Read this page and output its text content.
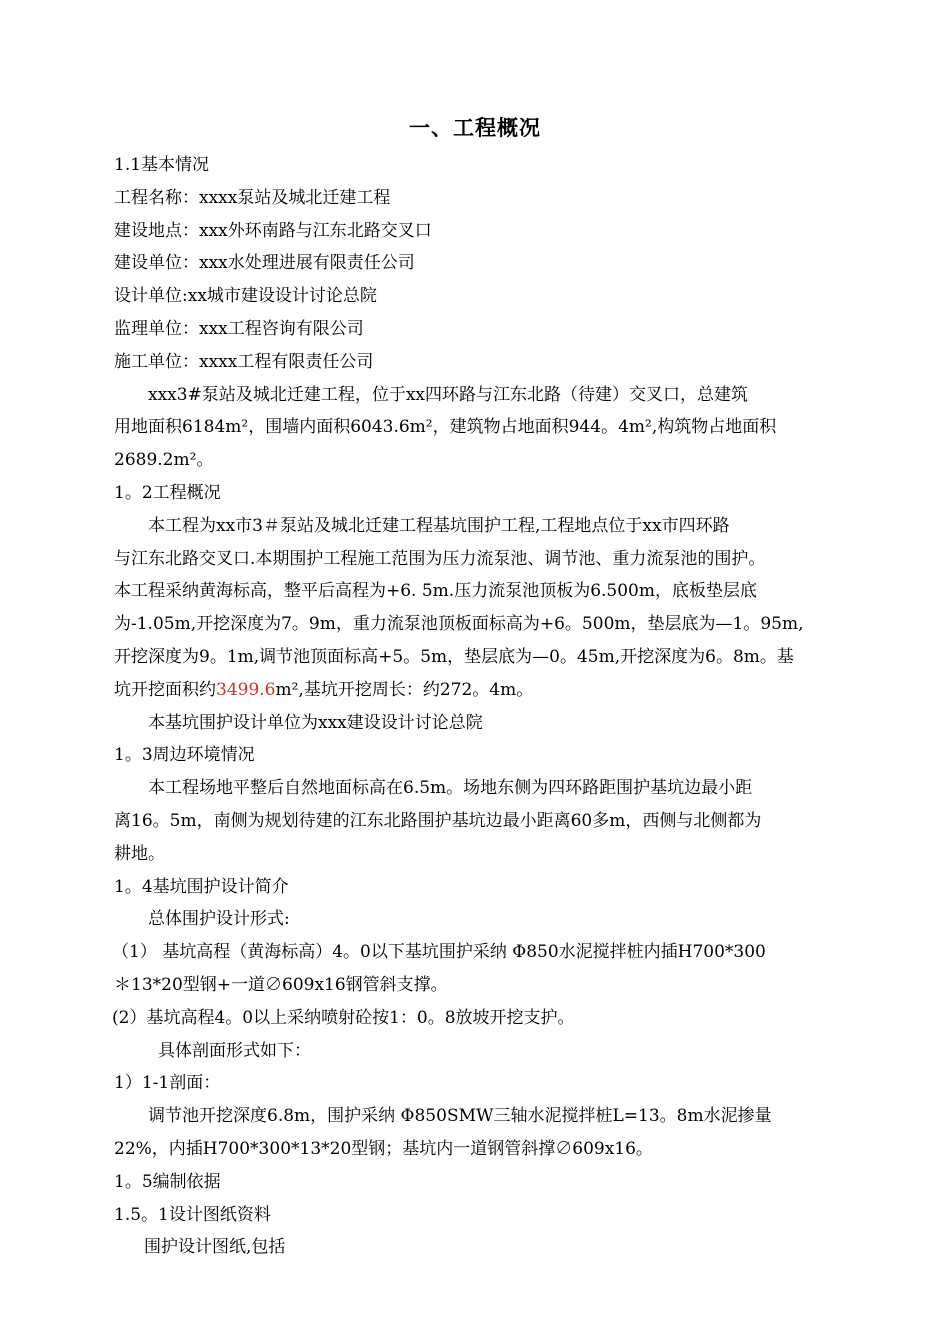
一、工程概况
1.1基本情况
工程名称：xxxx泵站及城北迁建工程
建设地点：xxx外环南路与江东北路交叉口
建设单位：xxx水处理进展有限责任公司
设计单位:xx城市建设设计讨论总院
监理单位：xxx工程咨询有限公司
施工单位：xxxx工程有限责任公司
xxx3#泵站及城北迁建工程，位于xx四环路与江东北路（待建）交叉口，总建筑
用地面积6184m²，围墙内面积6043.6m²，建筑物占地面积944。4m²,构筑物占地面积
2689.2m²。
1。2工程概况
本工程为xx市3＃泵站及城北迁建工程基坑围护工程,工程地点位于xx市四环路
与江东北路交叉口.本期围护工程施工范围为压力流泵池、调节池、重力流泵池的围护。
本工程采纳黄海标高，整平后高程为+6. 5m.压力流泵池顶板为6.500m，底板垫层底
为-1.05m,开挖深度为7。9m，重力流泵池顶板面标高为+6。500m，垫层底为—1。95m,
开挖深度为9。1m,调节池顶面标高+5。5m，垫层底为—0。45m,开挖深度为6。8m。基
坑开挖面积约3499.6m²,基坑开挖周长：约272。4m。
本基坑围护设计单位为xxx建设设计讨论总院
1。3周边环境情况
本工程场地平整后自然地面标高在6.5m。场地东侧为四环路距围护基坑边最小距
离16。5m，南侧为规划待建的江东北路围护基坑边最小距离60多m，西侧与北侧都为
耕地。
1。4基坑围护设计简介
总体围护设计形式:
（1） 基坑高程（黄海标高）4。0以下基坑围护采纳 Φ850水泥搅拌桩内插H700*300
＊13*20型钢+一道∅609x16钢管斜支撑。
(2）基坑高程4。0以上采纳喷射砼按1：0。8放坡开挖支护。
具体剖面形式如下：
1）1-1剖面：
调节池开挖深度6.8m，围护采纳 Φ850SMW三轴水泥搅拌桩L=13。8m水泥掺量
22%，内插H700*300*13*20型钢；基坑内一道钢管斜撑∅609x16。
1。5编制依据
1.5。1设计图纸资料
围护设计图纸,包括
